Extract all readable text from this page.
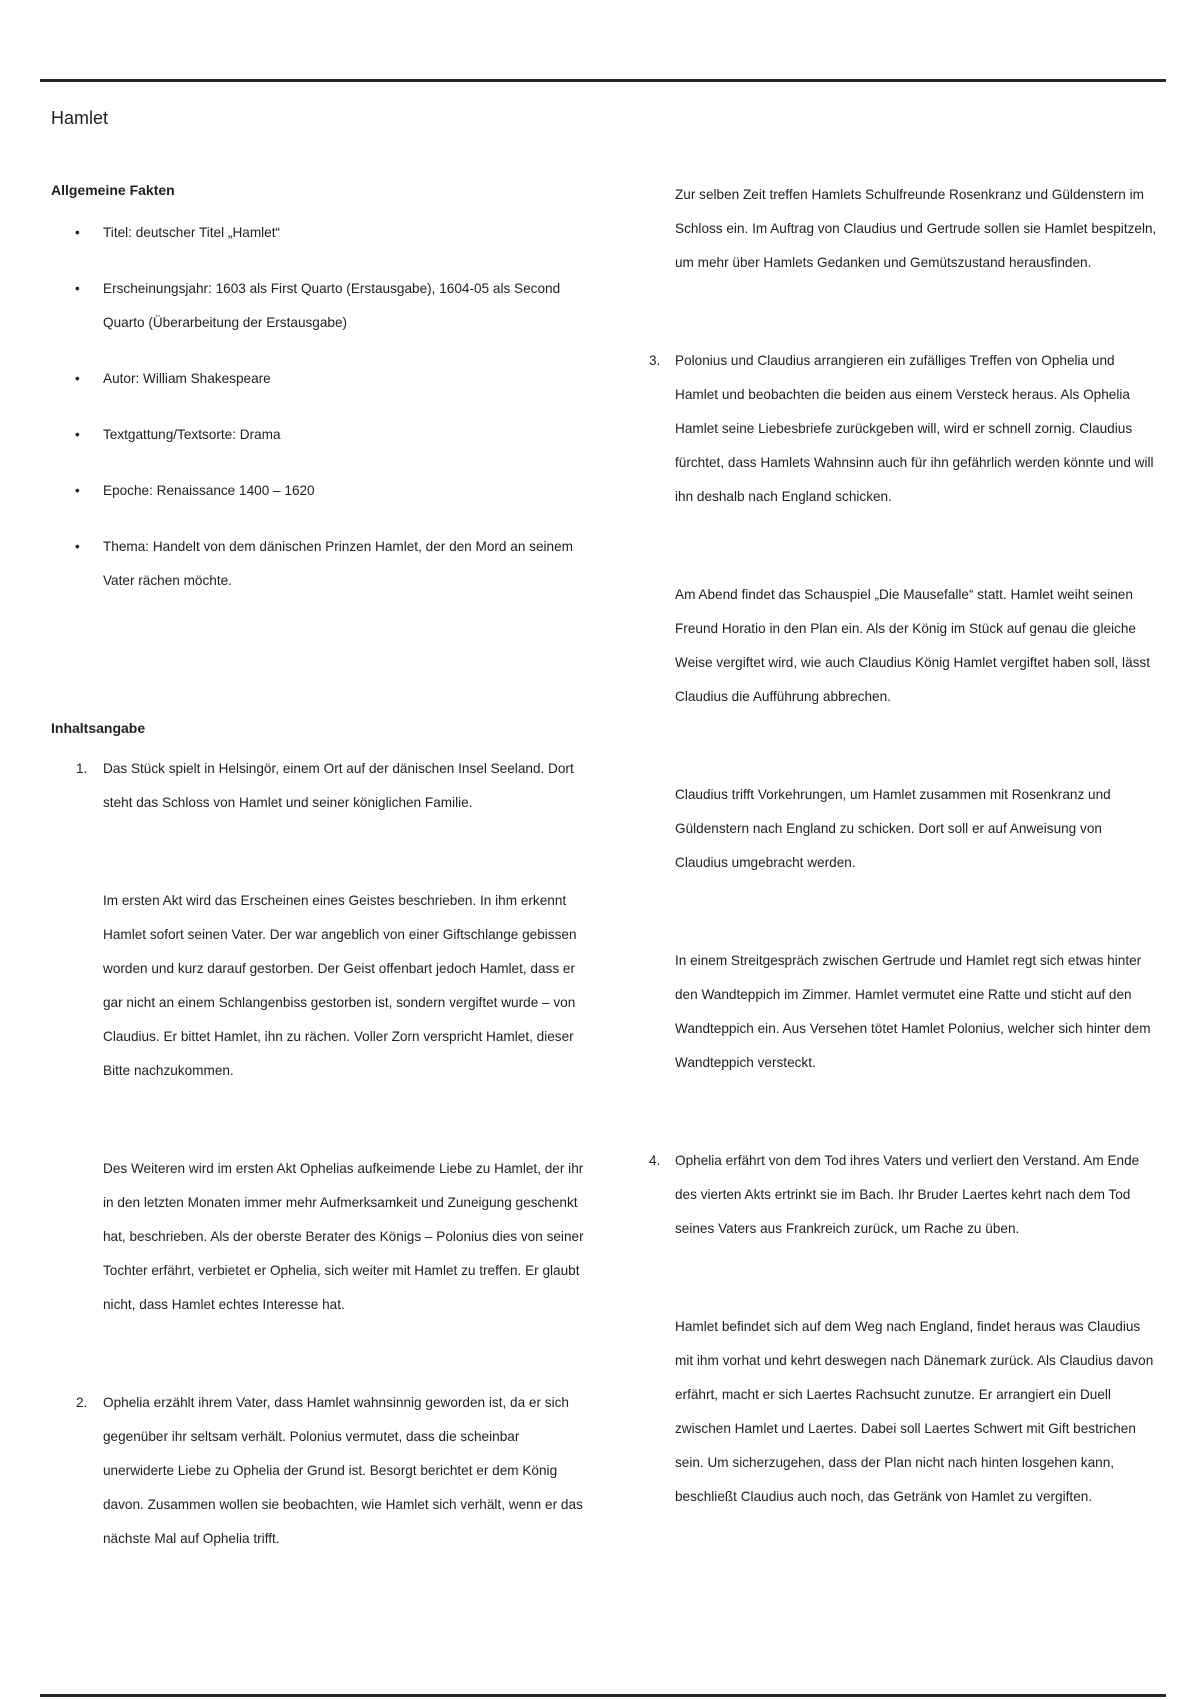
Hamlet
Allgemeine Fakten
• Titel: deutscher Titel „Hamlet“
• Erscheinungsjahr: 1603 als First Quarto (Erstausgabe), 1604-05 als Second Quarto (Überarbeitung der Erstausgabe)
• Autor: William Shakespeare
• Textgattung/Textsorte: Drama
• Epoche: Renaissance 1400 – 1620
• Thema: Handelt von dem dänischen Prinzen Hamlet, der den Mord an seinem Vater rächen möchte.
Inhaltsangabe
1. Das Stück spielt in Helsingör, einem Ort auf der dänischen Insel Seeland. Dort steht das Schloss von Hamlet und seiner königlichen Familie.

Im ersten Akt wird das Erscheinen eines Geistes beschrieben. In ihm erkennt Hamlet sofort seinen Vater. Der war angeblich von einer Giftschlange gebissen worden und kurz darauf gestorben. Der Geist offenbart jedoch Hamlet, dass er gar nicht an einem Schlangenbiss gestorben ist, sondern vergiftet wurde – von Claudius. Er bittet Hamlet, ihn zu rächen. Voller Zorn verspricht Hamlet, dieser Bitte nachzukommen.

Des Weiteren wird im ersten Akt Ophelias aufkeimende Liebe zu Hamlet, der ihr in den letzten Monaten immer mehr Aufmerksamkeit und Zuneigung geschenkt hat, beschrieben. Als der oberste Berater des Königs – Polonius dies von seiner Tochter erfährt, verbietet er Ophelia, sich weiter mit Hamlet zu treffen. Er glaubt nicht, dass Hamlet echtes Interesse hat.

2. Ophelia erzählt ihrem Vater, dass Hamlet wahnsinnig geworden ist, da er sich gegenüber ihr seltsam verhält. Polonius vermutet, dass die scheinbar unerwiderte Liebe zu Ophelia der Grund ist. Besorgt berichtet er dem König davon. Zusammen wollen sie beobachten, wie Hamlet sich verhält, wenn er das nächste Mal auf Ophelia trifft.

Zur selben Zeit treffen Hamlets Schulfreunde Rosenkranz und Güldenstern im Schloss ein. Im Auftrag von Claudius und Gertrude sollen sie Hamlet bespitzeln, um mehr über Hamlets Gedanken und Gemütszustand herausfinden.

3. Polonius und Claudius arrangieren ein zufälliges Treffen von Ophelia und Hamlet und beobachten die beiden aus einem Versteck heraus. Als Ophelia Hamlet seine Liebesbriefe zurückgeben will, wird er schnell zornig. Claudius fürchtet, dass Hamlets Wahnsinn auch für ihn gefährlich werden könnte und will ihn deshalb nach England schicken.

Am Abend findet das Schauspiel „Die Mausefalle“ statt. Hamlet weiht seinen Freund Horatio in den Plan ein. Als der König im Stück auf genau die gleiche Weise vergiftet wird, wie auch Claudius König Hamlet vergiftet haben soll, lässt Claudius die Aufführung abbrechen.

Claudius trifft Vorkehrungen, um Hamlet zusammen mit Rosenkranz und Güldenstern nach England zu schicken. Dort soll er auf Anweisung von Claudius umgebracht werden.

In einem Streitgespräch zwischen Gertrude und Hamlet regt sich etwas hinter den Wandteppich im Zimmer. Hamlet vermutet eine Ratte und sticht auf den Wandteppich ein. Aus Versehen tötet Hamlet Polonius, welcher sich hinter dem Wandteppich versteckt.

4. Ophelia erfährt von dem Tod ihres Vaters und verliert den Verstand. Am Ende des vierten Akts ertrinkt sie im Bach. Ihr Bruder Laertes kehrt nach dem Tod seines Vaters aus Frankreich zurück, um Rache zu üben.

Hamlet befindet sich auf dem Weg nach England, findet heraus was Claudius mit ihm vorhat und kehrt deswegen nach Dänemark zurück. Als Claudius davon erfährt, macht er sich Laertes Rachsucht zunutze. Er arrangiert ein Duell zwischen Hamlet und Laertes. Dabei soll Laertes Schwert mit Gift bestrichen sein. Um sicherzugehen, dass der Plan nicht nach hinten losgehen kann, beschließt Claudius auch noch, das Getränk von Hamlet zu vergiften.
